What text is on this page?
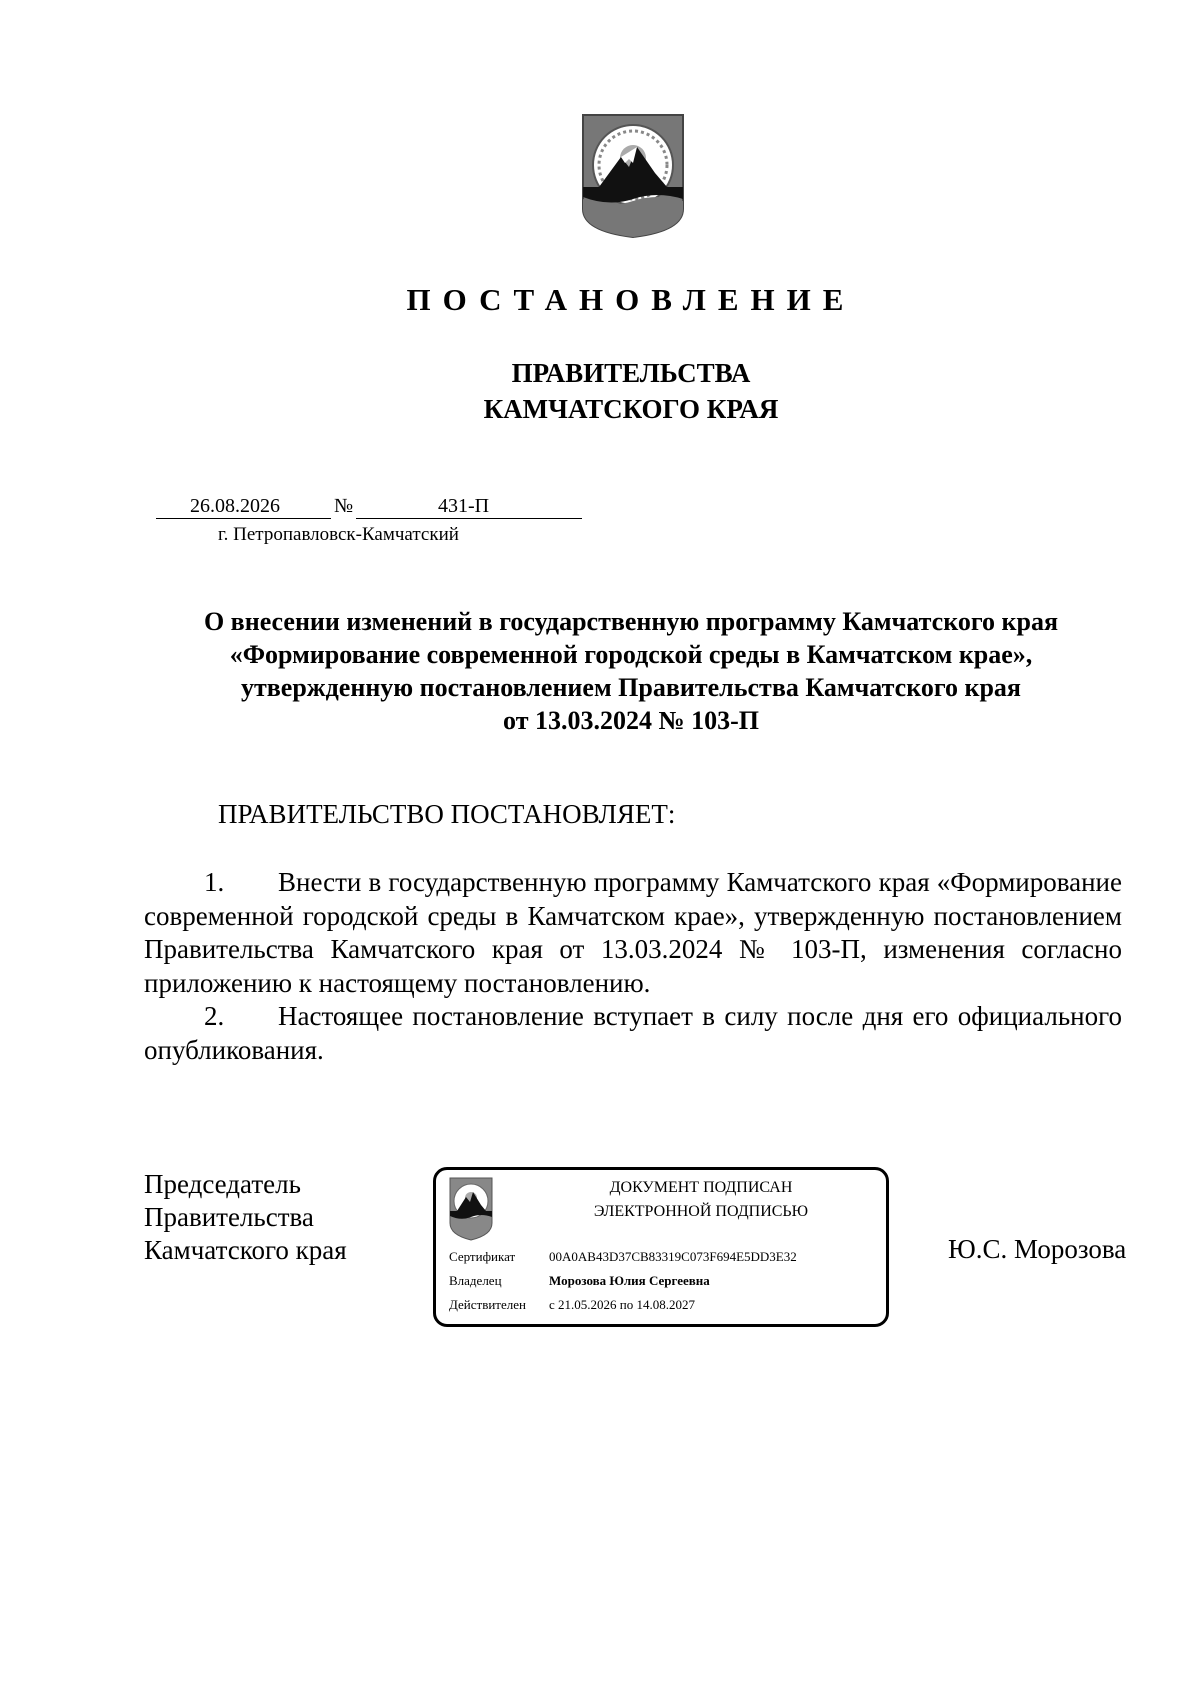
ПОСТАНОВЛЕНИЕ
ПРАВИТЕЛЬСТВА
КАМЧАТСКОГО КРАЯ
26.08.2026	№	431-П
г. Петропавловск-Камчатский
О внесении изменений в государственную программу Камчатского края
«Формирование современной городской среды в Камчатском крае»,
утвержденную постановлением Правительства Камчатского края
от 13.03.2024 № 103-П
ПРАВИТЕЛЬСТВО ПОСТАНОВЛЯЕТ:

1. Внести в государственную программу Камчатского края «Формирование современной городской среды в Камчатском крае», утвержденную постановлением Правительства Камчатского края от 13.03.2024 № 103-П, изменения согласно приложению к настоящему постановлению.

2. Настоящее постановление вступает в силу после дня его официального опубликования.

Председатель
Правительства
Камчатского края
ДОКУМЕНТ ПОДПИСАН
ЭЛЕКТРОННОЙ ПОДПИСЬЮ
Сертификат	00A0AB43D37CB83319C073F694E5DD3E32
Владелец	Морозова Юлия Сергеевна
Действителен с 21.05.2026 по 14.08.2027
Ю.С. Морозова
